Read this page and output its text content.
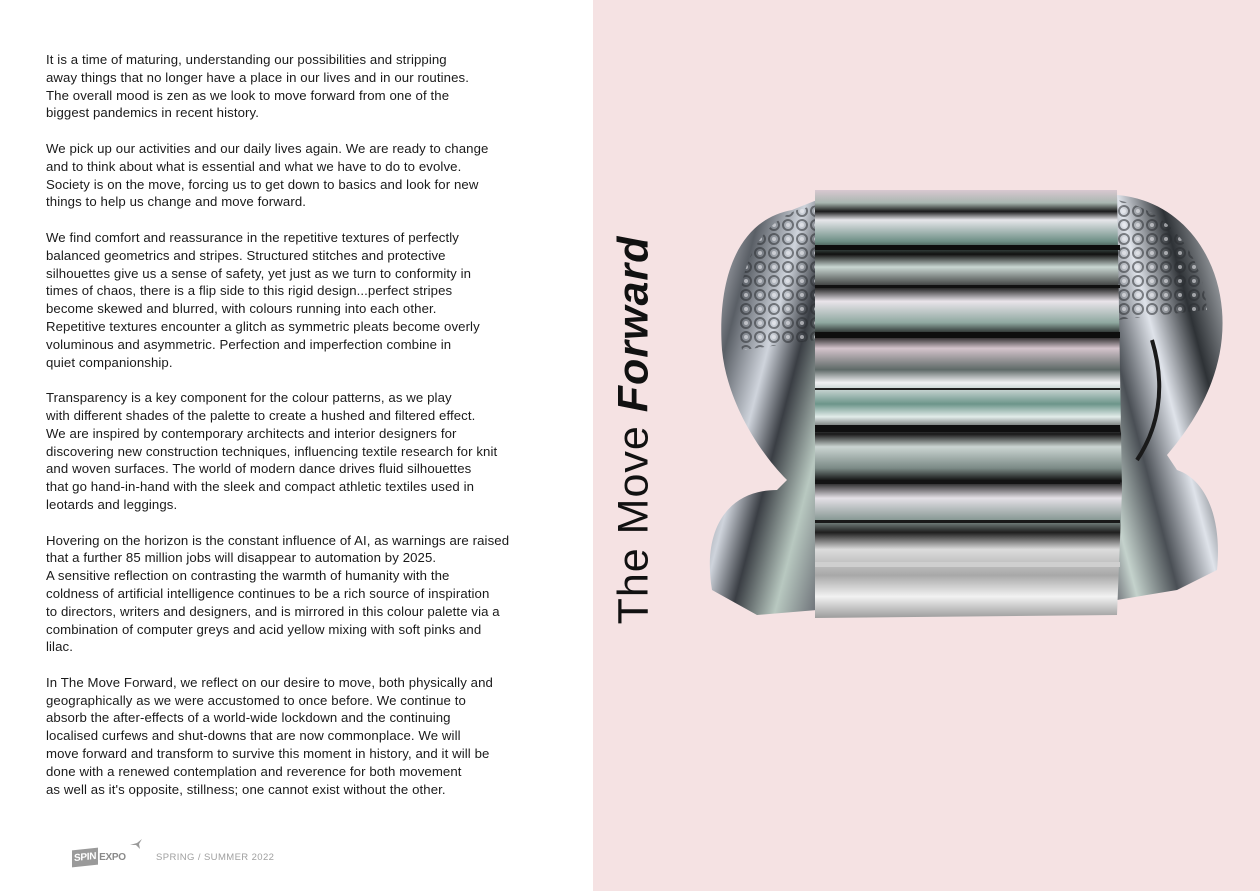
It is a time of maturing, understanding our possibilities and stripping
away things that no longer have a place in our lives and in our routines.
The overall mood is zen as we look to move forward from one of the
biggest pandemics in recent history.

We pick up our activities and our daily lives again. We are ready to change
and to think about what is essential and what we have to do to evolve.
Society is on the move, forcing us to get down to basics and look for new
things to help us change and move forward.

We find comfort and reassurance in the repetitive textures of perfectly
balanced geometrics and stripes. Structured stitches and protective
silhouettes give us a sense of safety, yet just as we turn to conformity in
times of chaos, there is a flip side to this rigid design...perfect stripes
become skewed and blurred, with colours running into each other.
Repetitive textures encounter a glitch as symmetric pleats become overly
voluminous and asymmetric. Perfection and imperfection combine in
quiet companionship.

Transparency is a key component for the colour patterns, as we play
with different shades of the palette to create a hushed and filtered effect.
We are inspired by contemporary architects and interior designers for
discovering new construction techniques, influencing textile research for knit
and woven surfaces. The world of modern dance drives fluid silhouettes
that go hand-in-hand with the sleek and compact athletic textiles used in
leotards and leggings.

Hovering on the horizon is the constant influence of AI, as warnings are raised
that a further 85 million jobs will disappear to automation by 2025.
A sensitive reflection on contrasting the warmth of humanity with the
coldness of artificial intelligence continues to be a rich source of inspiration
to directors, writers and designers, and is mirrored in this colour palette via a
combination of computer greys and acid yellow mixing with soft pinks and
lilac.

In The Move Forward, we reflect on our desire to move, both physically and
geographically as we were accustomed to once before. We continue to
absorb the after-effects of a world-wide lockdown and the continuing
localised curfews and shut-downs that are now commonplace. We will
move forward and transform to survive this moment in history, and it will be
done with a renewed contemplation and reverence for both movement
as well as it's opposite, stillness; one cannot exist without the other.

SPIN EXPO	SPRING / SUMMER 2022
The Move Forward
